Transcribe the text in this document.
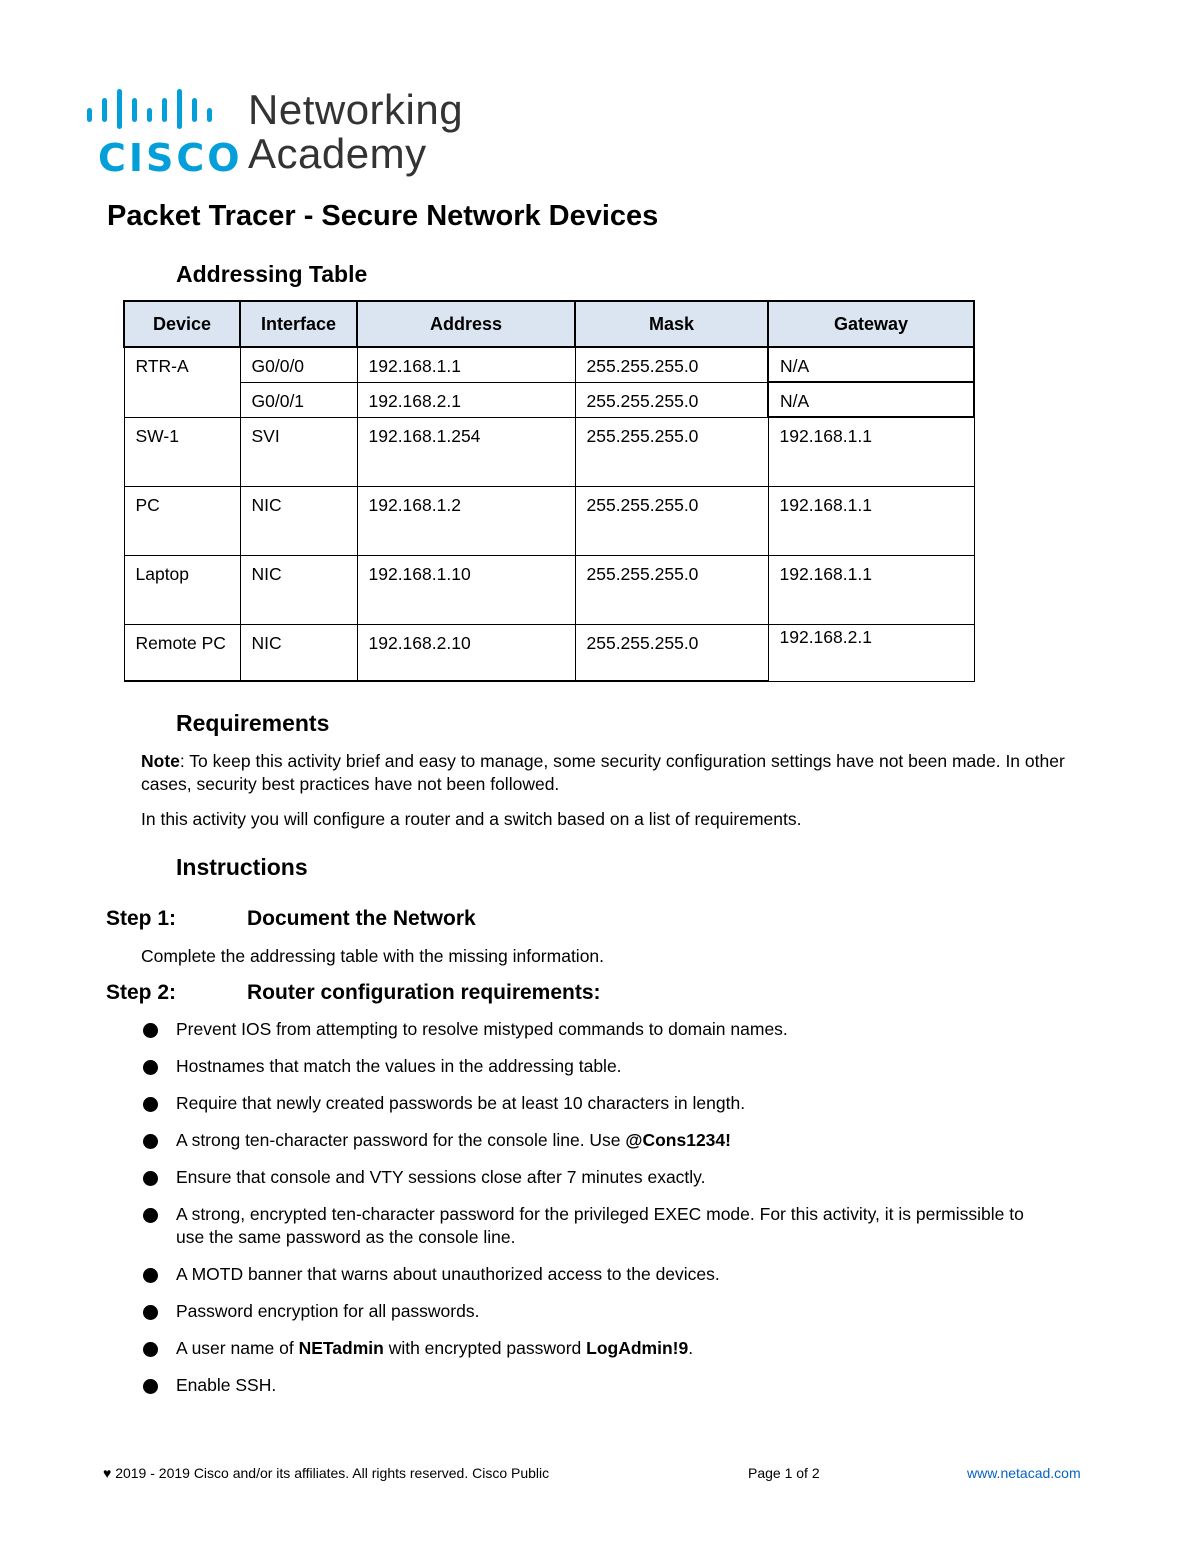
CISCO
Networking
Academy
Packet Tracer - Secure Network Devices
Addressing Table
Device	Interface	Address	Mask	Gateway
RTR-A	G0/0/0	192.168.1.1	255.255.255.0	N/A
	G0/0/1	192.168.2.1	255.255.255.0	N/A
SW-1	SVI	192.168.1.254	255.255.255.0	192.168.1.1
PC	NIC	192.168.1.2	255.255.255.0	192.168.1.1
Laptop	NIC	192.168.1.10	255.255.255.0	192.168.1.1
Remote PC	NIC	192.168.2.10	255.255.255.0	192.168.2.1
Requirements
Note: To keep this activity brief and easy to manage, some security configuration settings have not been made. In other cases, security best practices have not been followed.
In this activity you will configure a router and a switch based on a list of requirements.
Instructions
Step 1:	Document the Network
Complete the addressing table with the missing information.
Step 2:	Router configuration requirements:
Prevent IOS from attempting to resolve mistyped commands to domain names.
Hostnames that match the values in the addressing table.
Require that newly created passwords be at least 10 characters in length.
A strong ten-character password for the console line. Use @Cons1234!
Ensure that console and VTY sessions close after 7 minutes exactly.
A strong, encrypted ten-character password for the privileged EXEC mode. For this activity, it is permissible to use the same password as the console line.
A MOTD banner that warns about unauthorized access to the devices.
Password encryption for all passwords.
A user name of NETadmin with encrypted password LogAdmin!9.
Enable SSH.
♥ 2019 - 2019 Cisco and/or its affiliates. All rights reserved. Cisco Public	Page 1 of 2	www.netacad.com
